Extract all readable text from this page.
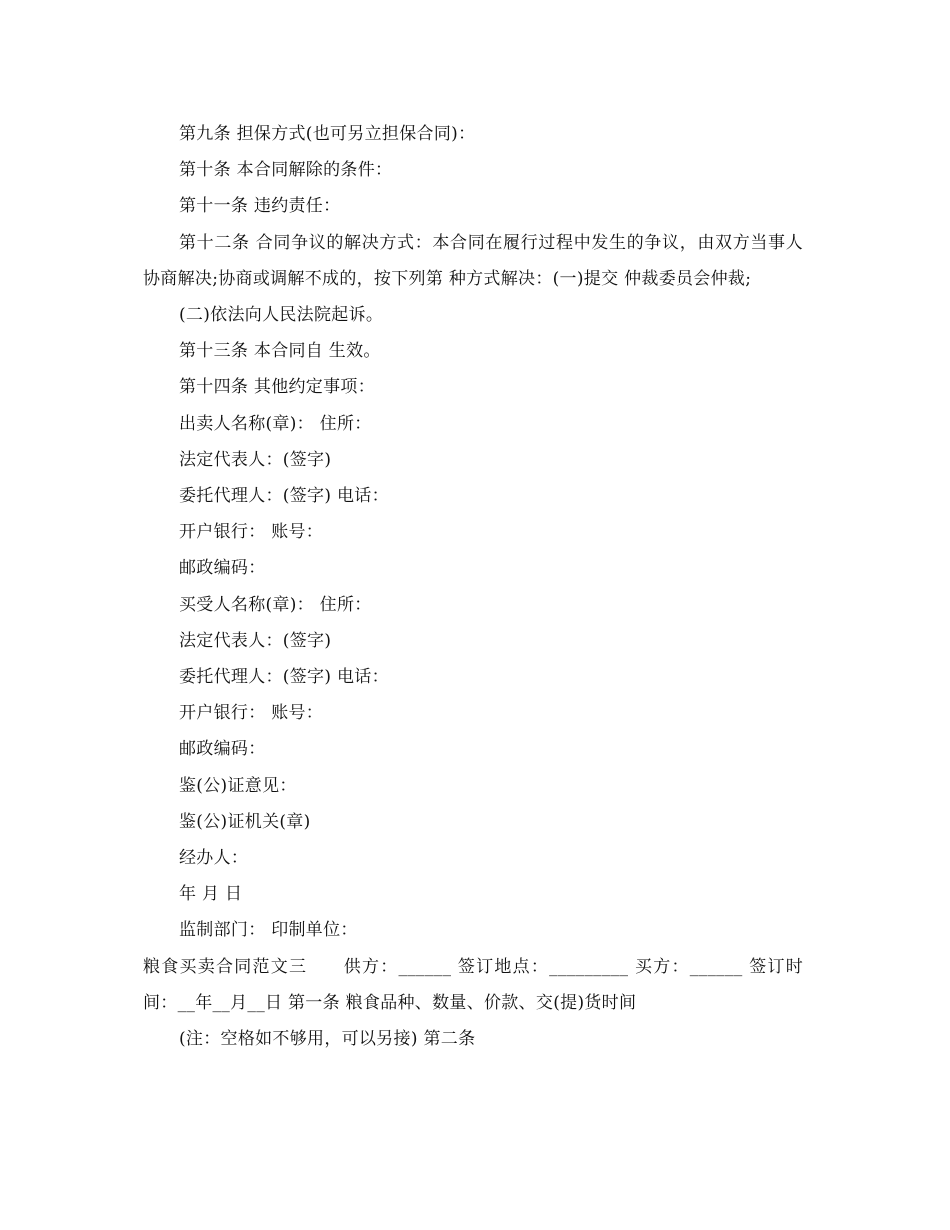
第九条 担保方式(也可另立担保合同)：

第十条 本合同解除的条件：

第十一条 违约责任：

第十二条 合同争议的解决方式：本合同在履行过程中发生的争议，由双方当事人协商解决;协商或调解不成的，按下列第 种方式解决：(一)提交 仲裁委员会仲裁;

(二)依法向人民法院起诉。

第十三条 本合同自 生效。

第十四条 其他约定事项：

出卖人名称(章)： 住所：

法定代表人：(签字)

委托代理人：(签字) 电话：

开户银行： 账号：

邮政编码：

买受人名称(章)： 住所：

法定代表人：(签字)

委托代理人：(签字) 电话：

开户银行： 账号：

邮政编码：

鉴(公)证意见：

鉴(公)证机关(章)

经办人：

年 月 日

监制部门： 印制单位：

粮食买卖合同范文三　　供方：______ 签订地点：_________ 买方：______ 签订时间：__年__月__日 第一条 粮食品种、数量、价款、交(提)货时间

(注：空格如不够用，可以另接) 第二条
